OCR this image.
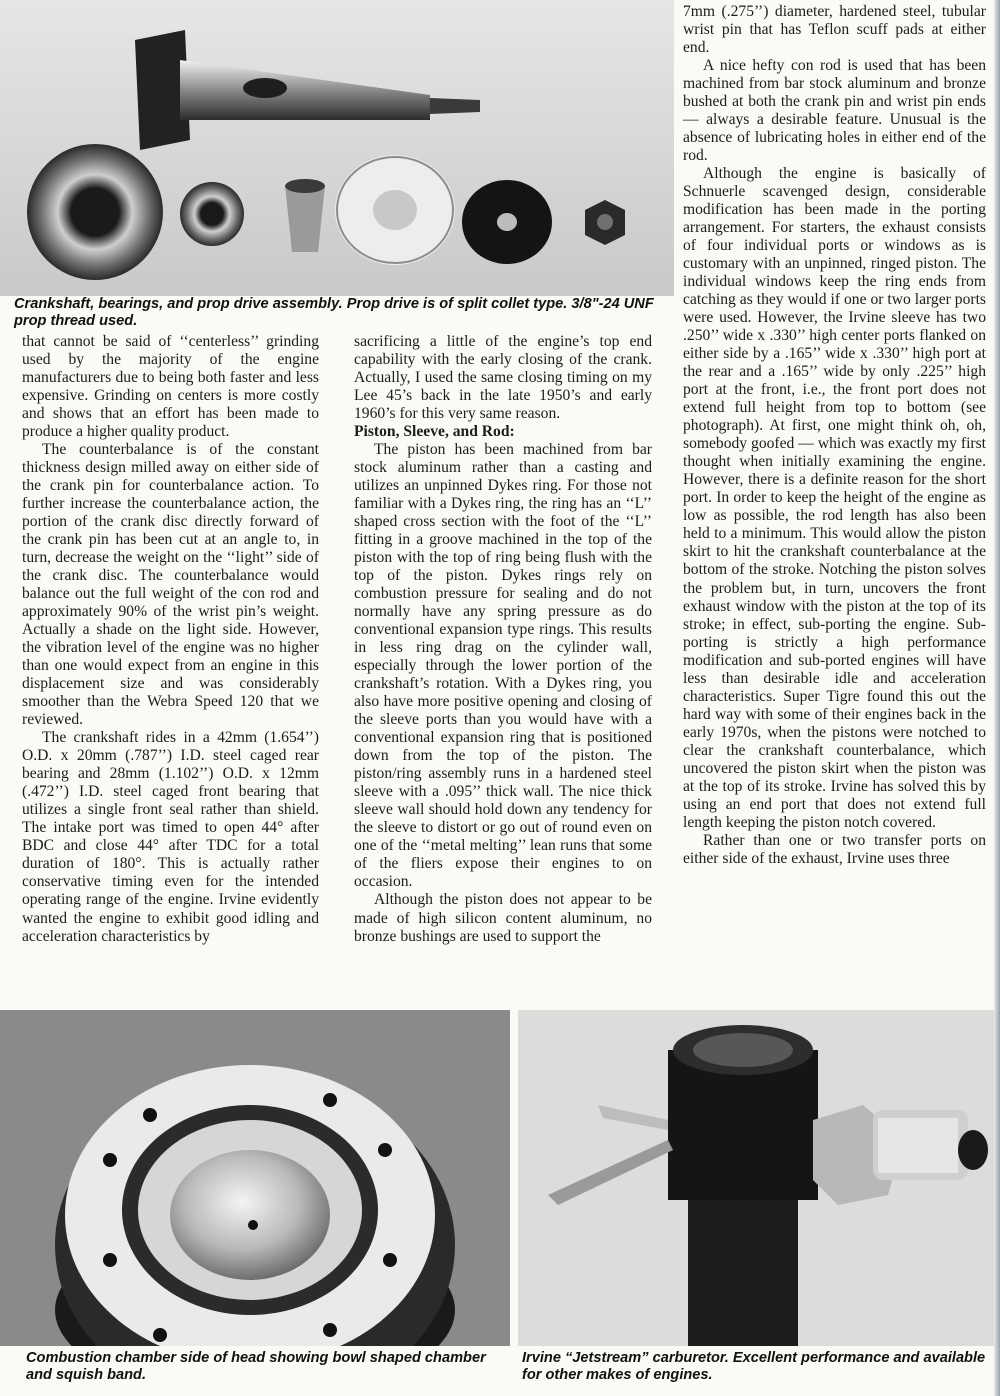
Crankshaft, bearings, and prop drive assembly. Prop drive is of split collet type. 3/8"-24 UNF prop thread used.

that cannot be said of ‘‘centerless’’ grinding used by the majority of the engine manufacturers due to being both faster and less expensive. Grinding on centers is more costly and shows that an effort has been made to produce a higher quality product.

The counterbalance is of the constant thickness design milled away on either side of the crank pin for counterbalance action. To further increase the counterbalance action, the portion of the crank disc directly forward of the crank pin has been cut at an angle to, in turn, decrease the weight on the ‘‘light’’ side of the crank disc. The counterbalance would balance out the full weight of the con rod and approximately 90% of the wrist pin’s weight. Actually a shade on the light side. However, the vibration level of the engine was no higher than one would expect from an engine in this displacement size and was considerably smoother than the Webra Speed 120 that we reviewed.

The crankshaft rides in a 42mm (1.654’’) O.D. x 20mm (.787’’) I.D. steel caged rear bearing and 28mm (1.102’’) O.D. x 12mm (.472’’) I.D. steel caged front bearing that utilizes a single front seal rather than shield. The intake port was timed to open 44° after BDC and close 44° after TDC for a total duration of 180°. This is actually rather conservative timing even for the intended operating range of the engine. Irvine evidently wanted the engine to exhibit good idling and acceleration characteristics by

sacrificing a little of the engine’s top end capability with the early closing of the crank. Actually, I used the same closing timing on my Lee 45’s back in the late 1950’s and early 1960’s for this very same reason.

Piston, Sleeve, and Rod:

The piston has been machined from bar stock aluminum rather than a casting and utilizes an unpinned Dykes ring. For those not familiar with a Dykes ring, the ring has an ‘‘L’’ shaped cross section with the foot of the ‘‘L’’ fitting in a groove machined in the top of the piston with the top of ring being flush with the top of the piston. Dykes rings rely on combustion pressure for sealing and do not normally have any spring pressure as do conventional expansion type rings. This results in less ring drag on the cylinder wall, especially through the lower portion of the crankshaft’s rotation. With a Dykes ring, you also have more positive opening and closing of the sleeve ports than you would have with a conventional expansion ring that is positioned down from the top of the piston. The piston/ring assembly runs in a hardened steel sleeve with a .095’’ thick wall. The nice thick sleeve wall should hold down any tendency for the sleeve to distort or go out of round even on one of the ‘‘metal melting’’ lean runs that some of the fliers expose their engines to on occasion.

Although the piston does not appear to be made of high silicon content aluminum, no bronze bushings are used to support the

7mm (.275’’) diameter, hardened steel, tubular wrist pin that has Teflon scuff pads at either end.

A nice hefty con rod is used that has been machined from bar stock aluminum and bronze bushed at both the crank pin and wrist pin ends — always a desirable feature. Unusual is the absence of lubricating holes in either end of the rod.

Although the engine is basically of Schnuerle scavenged design, considerable modification has been made in the porting arrangement. For starters, the exhaust consists of four individual ports or windows as is customary with an unpinned, ringed piston. The individual windows keep the ring ends from catching as they would if one or two larger ports were used. However, the Irvine sleeve has two .250’’ wide x .330’’ high center ports flanked on either side by a .165’’ wide x .330’’ high port at the rear and a .165’’ wide by only .225’’ high port at the front, i.e., the front port does not extend full height from top to bottom (see photograph). At first, one might think oh, oh, somebody goofed — which was exactly my first thought when initially examining the engine. However, there is a definite reason for the short port. In order to keep the height of the engine as low as possible, the rod length has also been held to a minimum. This would allow the piston skirt to hit the crankshaft counterbalance at the bottom of the stroke. Notching the piston solves the problem but, in turn, uncovers the front exhaust window with the piston at the top of its stroke; in effect, sub-porting the engine. Sub-porting is strictly a high performance modification and sub-ported engines will have less than desirable idle and acceleration characteristics. Super Tigre found this out the hard way with some of their engines back in the early 1970s, when the pistons were notched to clear the crankshaft counterbalance, which uncovered the piston skirt when the piston was at the top of its stroke. Irvine has solved this by using an end port that does not extend full length keeping the piston notch covered.

Rather than one or two transfer ports on either side of the exhaust, Irvine uses three

Combustion chamber side of head showing bowl shaped chamber and squish band.
Irvine “Jetstream” carburetor. Excellent performance and available for other makes of engines.
